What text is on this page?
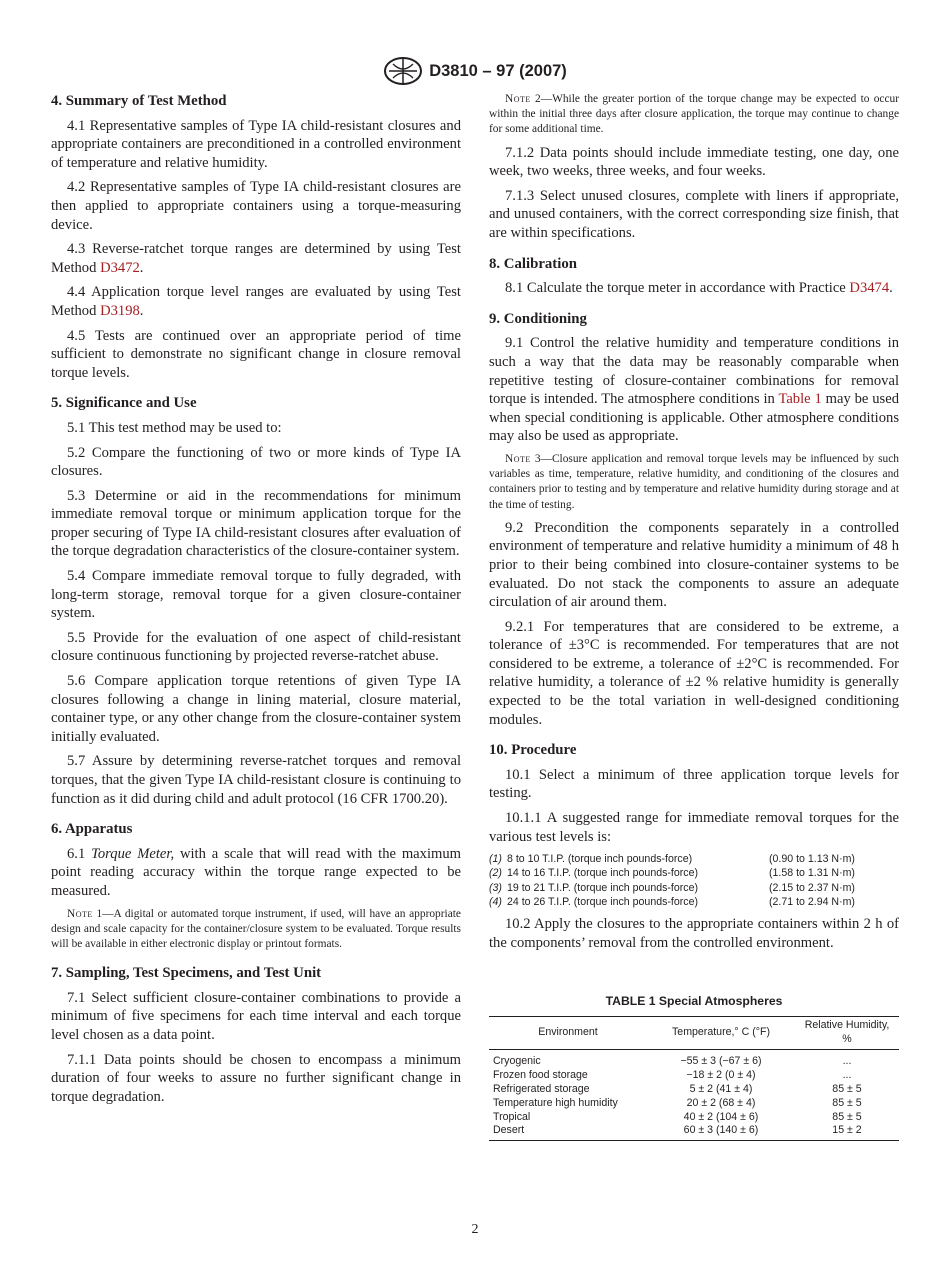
D3810 – 97 (2007)
4. Summary of Test Method

4.1 Representative samples of Type IA child-resistant closures and appropriate containers are preconditioned in a controlled environment of temperature and relative humidity.

4.2 Representative samples of Type IA child-resistant closures are then applied to appropriate containers using a torque-measuring device.

4.3 Reverse-ratchet torque ranges are determined by using Test Method D3472.

4.4 Application torque level ranges are evaluated by using Test Method D3198.

4.5 Tests are continued over an appropriate period of time sufficient to demonstrate no significant change in closure removal torque levels.

5. Significance and Use

5.1 This test method may be used to:

5.2 Compare the functioning of two or more kinds of Type IA closures.

5.3 Determine or aid in the recommendations for minimum immediate removal torque or minimum application torque for the proper securing of Type IA child-resistant closures after evaluation of the torque degradation characteristics of the closure-container system.

5.4 Compare immediate removal torque to fully degraded, with long-term storage, removal torque for a given closure-container system.

5.5 Provide for the evaluation of one aspect of child-resistant closure continuous functioning by projected reverse-ratchet abuse.

5.6 Compare application torque retentions of given Type IA closures following a change in lining material, closure material, container type, or any other change from the closure-container system initially evaluated.

5.7 Assure by determining reverse-ratchet torques and removal torques, that the given Type IA child-resistant closure is continuing to function as it did during child and adult protocol (16 CFR 1700.20).

6. Apparatus

6.1 Torque Meter, with a scale that will read with the maximum point reading accuracy within the torque range expected to be measured.

Note 1—A digital or automated torque instrument, if used, will have an appropriate design and scale capacity for the container/closure system to be evaluated. Torque results will be available in either electronic display or printout formats.

7. Sampling, Test Specimens, and Test Unit

7.1 Select sufficient closure-container combinations to provide a minimum of five specimens for each time interval and each torque level chosen as a data point.

7.1.1 Data points should be chosen to encompass a minimum duration of four weeks to assure no further significant change in torque degradation.

Note 2—While the greater portion of the torque change may be expected to occur within the initial three days after closure application, the torque may continue to change for some additional time.

7.1.2 Data points should include immediate testing, one day, one week, two weeks, three weeks, and four weeks.

7.1.3 Select unused closures, complete with liners if appropriate, and unused containers, with the correct corresponding size finish, that are within specifications.

8. Calibration

8.1 Calculate the torque meter in accordance with Practice D3474.

9. Conditioning

9.1 Control the relative humidity and temperature conditions in such a way that the data may be reasonably comparable when repetitive testing of closure-container combinations for removal torque is intended. The atmosphere conditions in Table 1 may be used when special conditioning is applicable. Other atmosphere conditions may also be used as appropriate.

Note 3—Closure application and removal torque levels may be influenced by such variables as time, temperature, relative humidity, and conditioning of the closures and containers prior to testing and by temperature and relative humidity during storage and at the time of testing.

9.2 Precondition the components separately in a controlled environment of temperature and relative humidity a minimum of 48 h prior to their being combined into closure-container systems to be evaluated. Do not stack the components to assure an adequate circulation of air around them.

9.2.1 For temperatures that are considered to be extreme, a tolerance of ±3°C is recommended. For temperatures that are not considered to be extreme, a tolerance of ±2°C is recommended. For relative humidity, a tolerance of ±2 % relative humidity is generally expected to be the total variation in well-designed conditioning modules.

10. Procedure

10.1 Select a minimum of three application torque levels for testing.

10.1.1 A suggested range for immediate removal torques for the various test levels is:

(1) 8 to 10 T.I.P. (torque inch pounds-force)	(0.90 to 1.13 N·m)
(2) 14 to 16 T.I.P. (torque inch pounds-force)	(1.58 to 1.31 N·m)
(3) 19 to 21 T.I.P. (torque inch pounds-force)	(2.15 to 2.37 N·m)
(4) 24 to 26 T.I.P. (torque inch pounds-force)	(2.71 to 2.94 N·m)

10.2 Apply the closures to the appropriate containers within 2 h of the components’ removal from the controlled environment.

TABLE 1 Special Atmospheres
Environment	Temperature,° C (°F)	Relative Humidity, %
Cryogenic	−55 ± 3 (−67 ± 6)	...
Frozen food storage	−18 ± 2 (0 ± 4)	...
Refrigerated storage	5 ± 2 (41 ± 4)	85 ± 5
Temperature high humidity	20 ± 2 (68 ± 4)	85 ± 5
Tropical	40 ± 2 (104 ± 6)	85 ± 5
Desert	60 ± 3 (140 ± 6)	15 ± 2
2
